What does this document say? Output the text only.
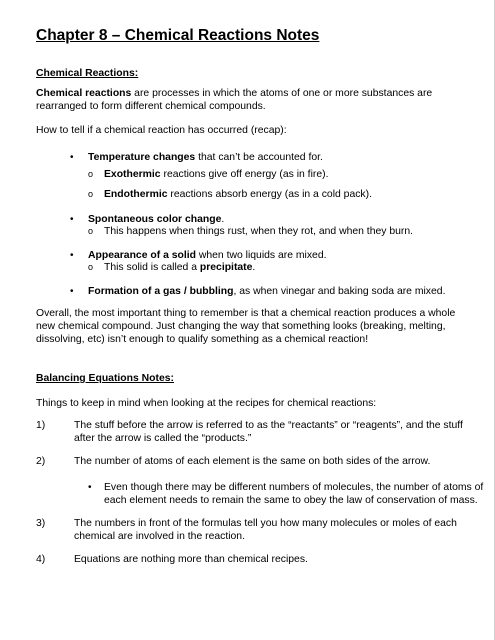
Chapter 8 – Chemical Reactions Notes
Chemical Reactions:
Chemical reactions are processes in which the atoms of one or more substances are
rearranged to form different chemical compounds.
How to tell if a chemical reaction has occurred (recap):
• Temperature changes that can’t be accounted for.
o Exothermic reactions give off energy (as in fire).
o Endothermic reactions absorb energy (as in a cold pack).
• Spontaneous color change.
o This happens when things rust, when they rot, and when they burn.
• Appearance of a solid when two liquids are mixed.
o This solid is called a precipitate.
• Formation of a gas / bubbling, as when vinegar and baking soda are mixed.
Overall, the most important thing to remember is that a chemical reaction produces a whole
new chemical compound. Just changing the way that something looks (breaking, melting,
dissolving, etc) isn’t enough to qualify something as a chemical reaction!
Balancing Equations Notes:
Things to keep in mind when looking at the recipes for chemical reactions:
1)	The stuff before the arrow is referred to as the “reactants” or “reagents”, and the stuff
after the arrow is called the “products.”
2)	The number of atoms of each element is the same on both sides of the arrow.
• Even though there may be different numbers of molecules, the number of atoms of
each element needs to remain the same to obey the law of conservation of mass.
3)	The numbers in front of the formulas tell you how many molecules or moles of each
chemical are involved in the reaction.
4)	Equations are nothing more than chemical recipes.
